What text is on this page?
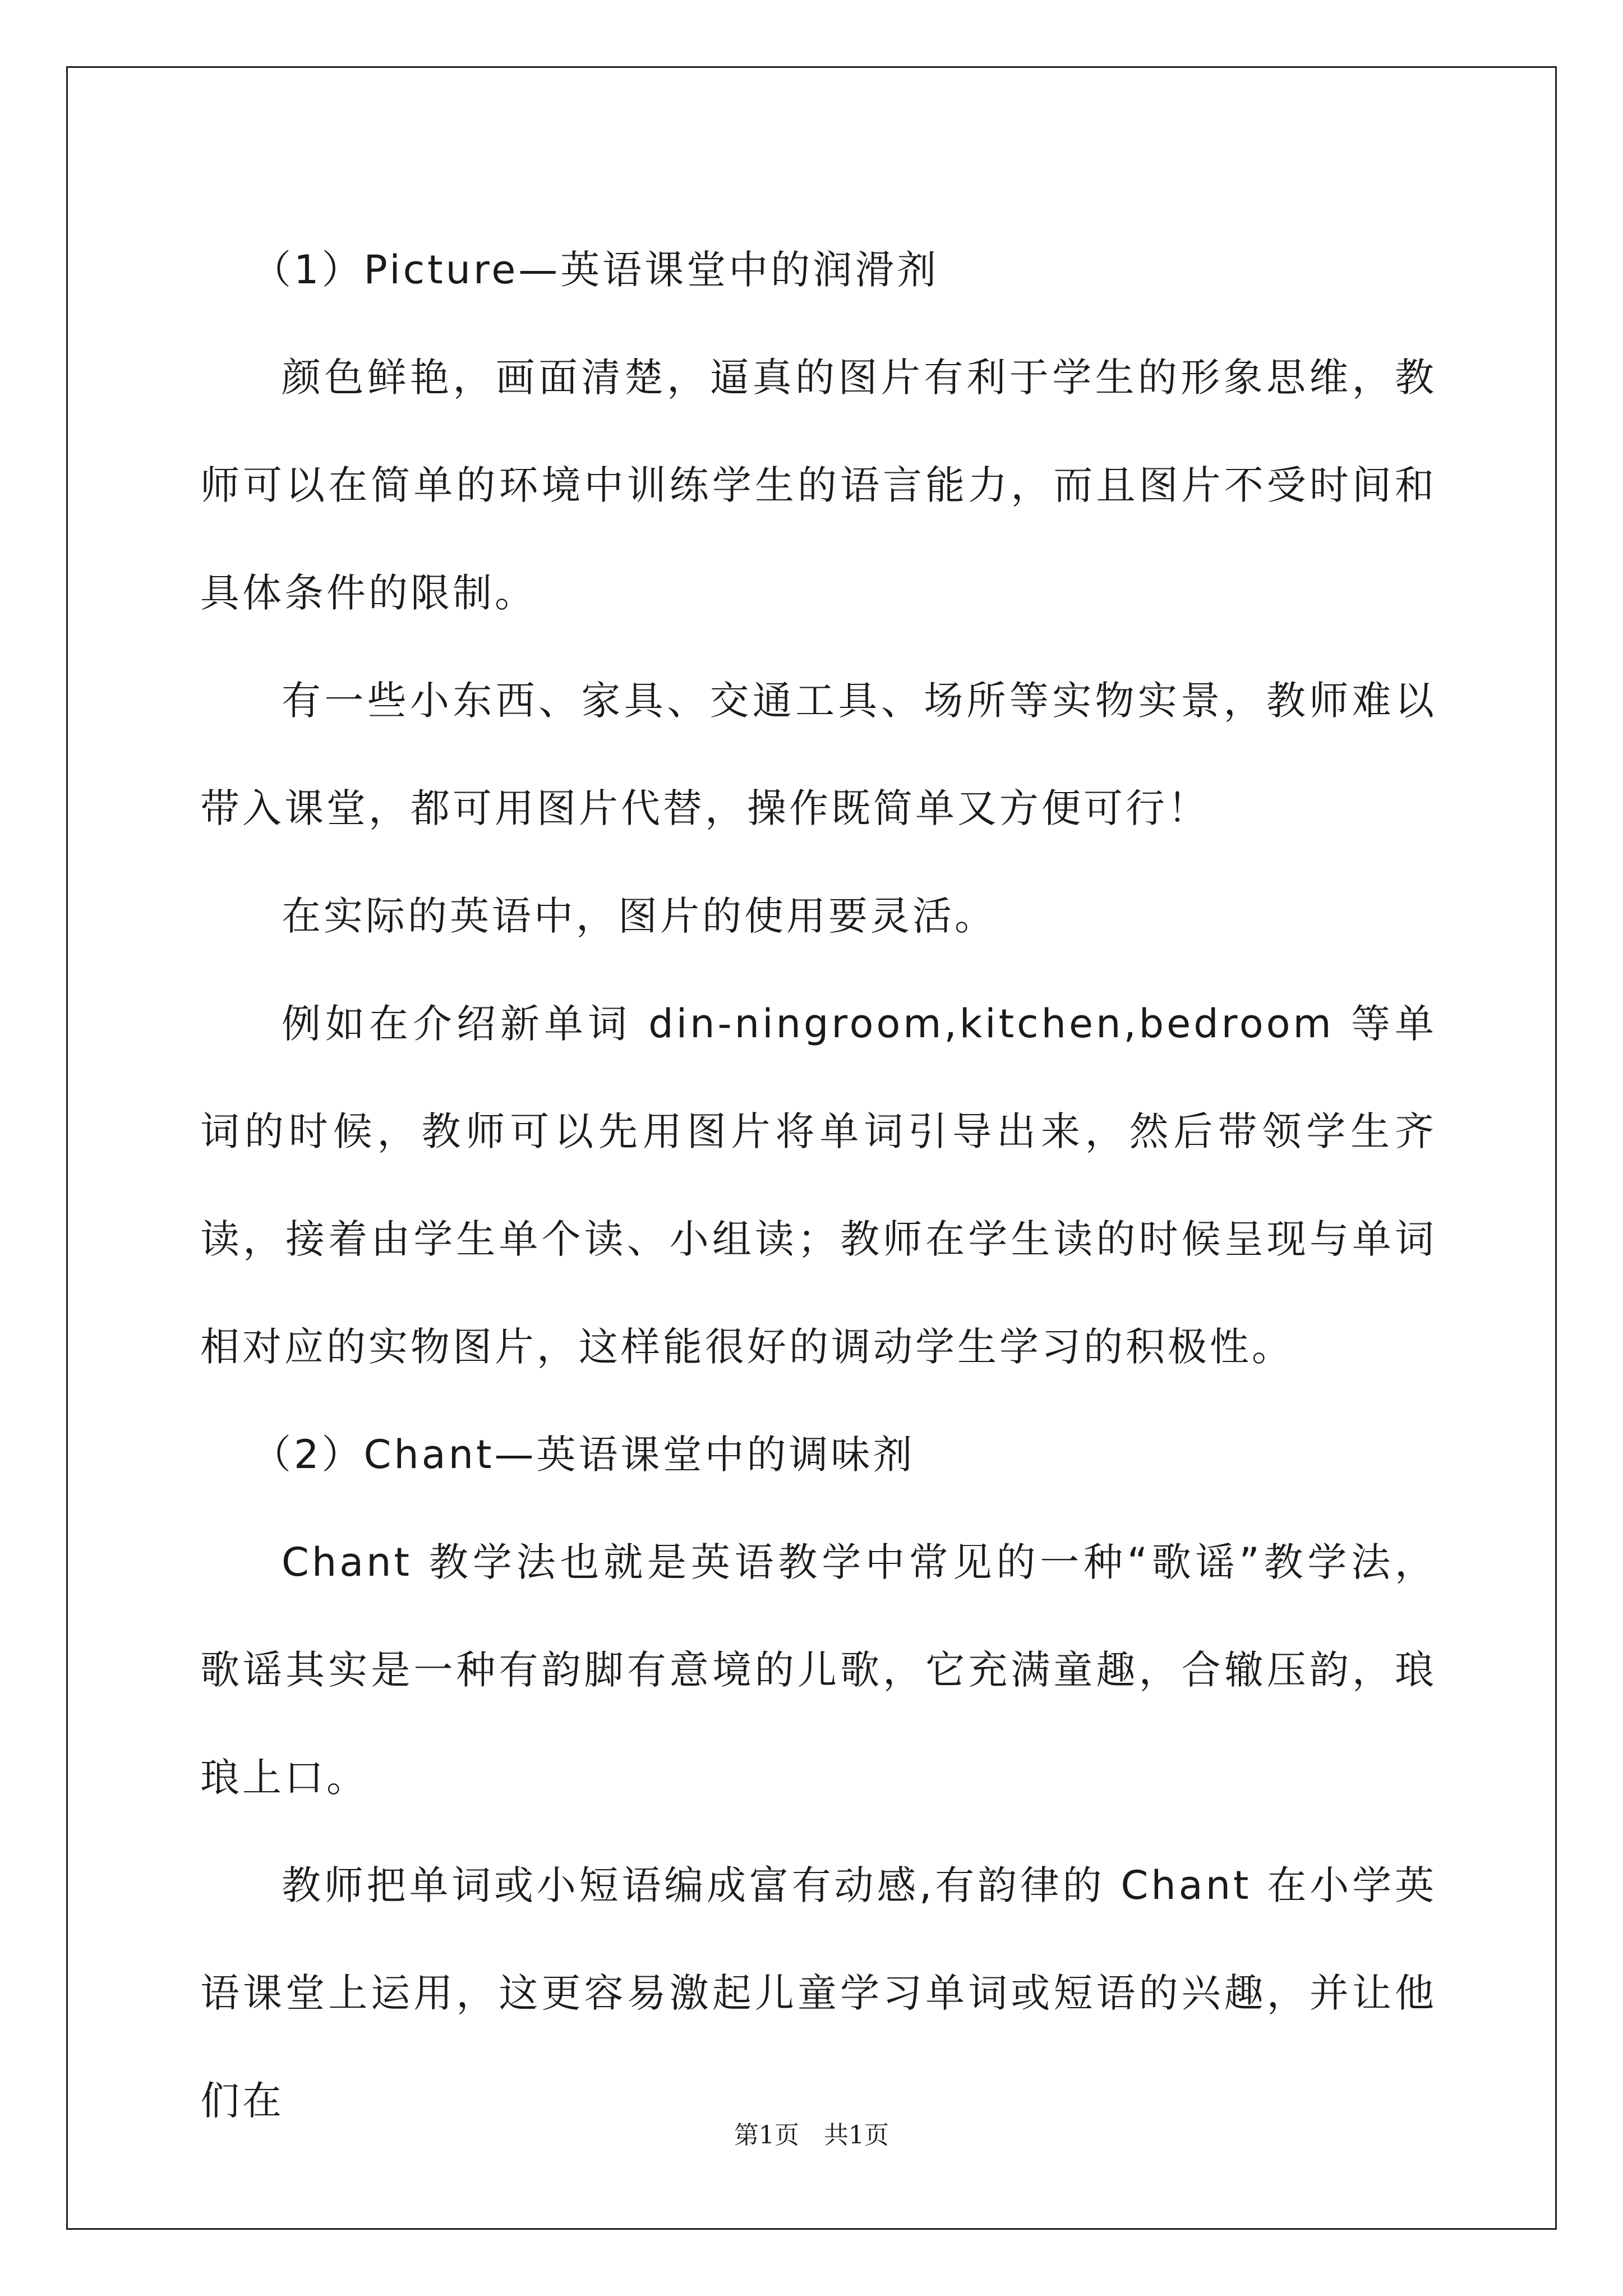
（1）Picture—英语课堂中的润滑剂

颜色鲜艳，画面清楚，逼真的图片有利于学生的形象思维，教师可以在简单的环境中训练学生的语言能力，而且图片不受时间和具体条件的限制。

有一些小东西、家具、交通工具、场所等实物实景，教师难以带入课堂，都可用图片代替，操作既简单又方便可行！

在实际的英语中，图片的使用要灵活。

例如在介绍新单词 din-ningroom,kitchen,bedroom 等单词的时候，教师可以先用图片将单词引导出来，然后带领学生齐读，接着由学生单个读、小组读；教师在学生读的时候呈现与单词相对应的实物图片，这样能很好的调动学生学习的积极性。

（2）Chant—英语课堂中的调味剂

Chant 教学法也就是英语教学中常见的一种“歌谣”教学法，歌谣其实是一种有韵脚有意境的儿歌，它充满童趣，合辙压韵，琅琅上口。

教师把单词或小短语编成富有动感,有韵律的 Chant 在小学英语课堂上运用，这更容易激起儿童学习单词或短语的兴趣，并让他们在

第1页　共1页
